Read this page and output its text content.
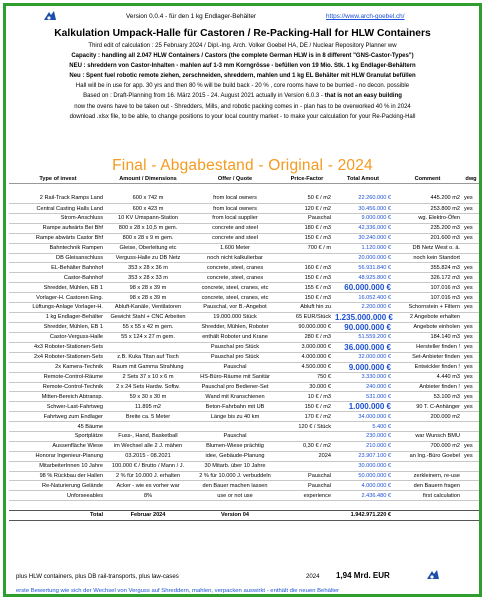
Version 0.0.4 - für den 1 kg Endlager-Behälter	https://www.arch-goebel.ch/
Kalkulation Umpack-Halle für Castoren / Re-Packing-Hall for HLW Containers
Third edit of calculation : 25 February 2024 / Dipl.-Ing. Arch. Volker Goebel HA, DE / Nuclear Repository Planner ww
Capacity : handling all 2.047 HLW Containers / Castors (the complete German HLW is in 8 different "GNS-Castor-Types")
NEU : shreddern von Castor-Inhalten - mahlen auf 1-3 mm Korngrösse - befüllen von 19 Mio. Stk. 1 kg Endlager-Behältern
Neu : Spent fuel robotic remote ziehen, zerschneiden, shreddern, mahlen und 1 kg EL Behälter mit HLW Granulat befüllen
Hall will be in use for app. 30 yrs and then 80 % will be build back - 20 % , core rooms have to be burried - no decon. possible
Based on : Draft-Planning from 16. März 2015 - 24. August 2021 actually in Version 6.0.3 - that is not an easy building
now the ovens have to be taken out - Shredders, Mills, and robotic packing comes in - plan has to be overworked 40 % in 2024
download .xlsx file, to be able, to change positions to your local country market - to make your calculation for your Re-Packing-Hall
Final - Abgabestand - Original - 2024
Type of invest	Amount / Dimensions	Offer / Quote	Price-Factor	Total Amout	Comment	dwg

2 Rail-Track Ramps Land	600 x 742 m	from local owners	50 € / m2	22.260.000 €	445.200 m2	yes
Central Casting Halls Land	600 x 423 m	from local owners	120 € / m2	30.456.000 €	253.800 m2	yes
Strom-Anschluss	10 KV Umspann-Station	from local supplier	Pauschal	9.000.000 €	wg. Elektro-Öfen	
Rampe aufwärts Bei Bhf	800 x 28 x 10,5 m gem.	concrete and steel	180 € / m3	42.336.000 €	235.200 m3	yes
Rampe abwärts Castor Bhf	800 x 28 x 9 m gem.	concrete and steel	150 € / m3	30.240.000 €	201.600 m3	yes
Bahntechnik Rampen	Gleise, Oberleitung etc	1.600 Meter	700 € / m	1.120.000 €	DB Netz West o. ä.	
DB Gleisanschluss	Verguss-Halle zu DB Netz	noch nicht kalkulierbar		20.000.000 €	noch kein Standort	
EL-Behälter Bahnhof	353 x 28 x 36 m	concrete, steel, cranes	160 € / m3	56.931.840 €	355.824 m3	yes
Castor-Bahnhof	353 x 28 x 33 m	concrete, steel, cranes	150 € / m3	48.925.800 €	326.172 m3	yes
Shredder, Mühlen, EB 1	98 x 28 x 39 m	concrete, steel, cranes, etc	155 € / m3	60.000.000 €	107.016 m3	yes
Vorlager-H. Castoren Eing.	98 x 28 x 39 m	concrete, steel, cranes, etc	150 € / m3	16.052.400 €	107.016 m3	yes
Lüftungs-Anlage Vorlager-H.	Abluft-Kanäle, Ventilatoren	Pauschal, vor B.-Angebot	Abluft hin zu	2.200.000 €	Schornstein + Filtern	yes
1 kg Endlager-Behälter	Gewicht Stahl + CNC Arbeiten	19.000.000 Stück	65 EUR/Stück	1.235.000.000 €	2 Angebote erhalten	
Shredder, Mühlen, EB 1	55 x 55 x 42 m gem.	Shredder, Mühlen, Roboter	90.000.000 €	90.000.000 €	Angebote einholen	yes
Castor-Verguss-Halle	55 x 124 x 27 m gem.	enthält Roboter und Krane	280 € / m3	51.559.200 €	184.140 m3	yes
4x3 Roboter-Stationen-Sets		Pauschal pro Stück	3.000.000 €	36.000.000 €	Hersteller finden !	yes
2x4 Roboter-Stationen-Sets	z.B. Kuka Titan auf Tisch	Pauschal pro Stück	4.000.000 €	32.000.000 €	Set-Anbieter finden	yes
2x Kamera-Technik	Raum mit Gamma Strahlung	Pauschal	4.500.000 €	9.000.000 €	Entwickler finden !	yes
Remote-Control-Räume	2 Sets 37 x 10 x 6 m	HS-Büro-Räume mit Sanitär	750 €	3.330.000 €	4.440 m3	yes
Remote-Control-Technik	2 x 24 Sets Hardw. Softw.	Pauschal pro Bediener-Set	30.000 €	240.000 €	Anbieter finden !	yes
Mitten-Bereich Abtransp.	59 x 30 x 30 m	Wand mit Kranschienen	10 € / m3	531.000 €	53.100 m3	yes
Schwer-Last-Fahrtweg	11.895 m2	Beton-Fahrbahn mit UB	150 € / m2	1.000.000 €	90 T. C-Anhänger	yes
Fahrtweg zum Endlager	Breite ca. 5 Meter	Länge bis zu 40 km	170 € / m2	34.000.000 €	200.000 m2	
45 Bäume			120 € / Stück	5.400 €		
Sportplätze	Fuss-, Hand, Basketball	Pauschal		230.000 €	war Wunsch BMU	
Aussenfläche Wiese	im Wechsel alle 2 J. mähen	Blumen-Wiese prächtig	0,30 € / m2	210.000 €	700.000 m2	yes
Honorar Ingenieur-Planung	03.2015 - 08.2021	idee, Gebäude-Planung	2024	23.907.100 €	an Ing.-Büro Goebel	yes
MitarbeiterInnen 10 Jahre	100.000 € / Brutto / Mann / J.	30 Mitarb. über 10 Jahre		30.000.000 €		
98 % Rückbau der Hallen	2 % für 10.000 J. erhalten	2 % für 10.000 J. verbuddeln	Pauschal	50.000.000 €	zerkleinern, re-use	
Re-Naturierung Gelände	Acker - wie es vorher war	den Bauer machen lassen	Pauschal	4.000.000 €	den Bauern fragen	
Unforseeables	8%	use or not use	experience	2.436.480 €	first calculation	

Total	Februar 2024	Version 04		1.942.971.220 €		
plus HLW containers, plus DB rail-transports, plus law-cases	2024 1,94 Mrd. EUR
erste Bewertung wie sich der Wechsel von Verguss auf Shreddern, mahlen, verpacken auswirkt - enthält die neuen Behälter
